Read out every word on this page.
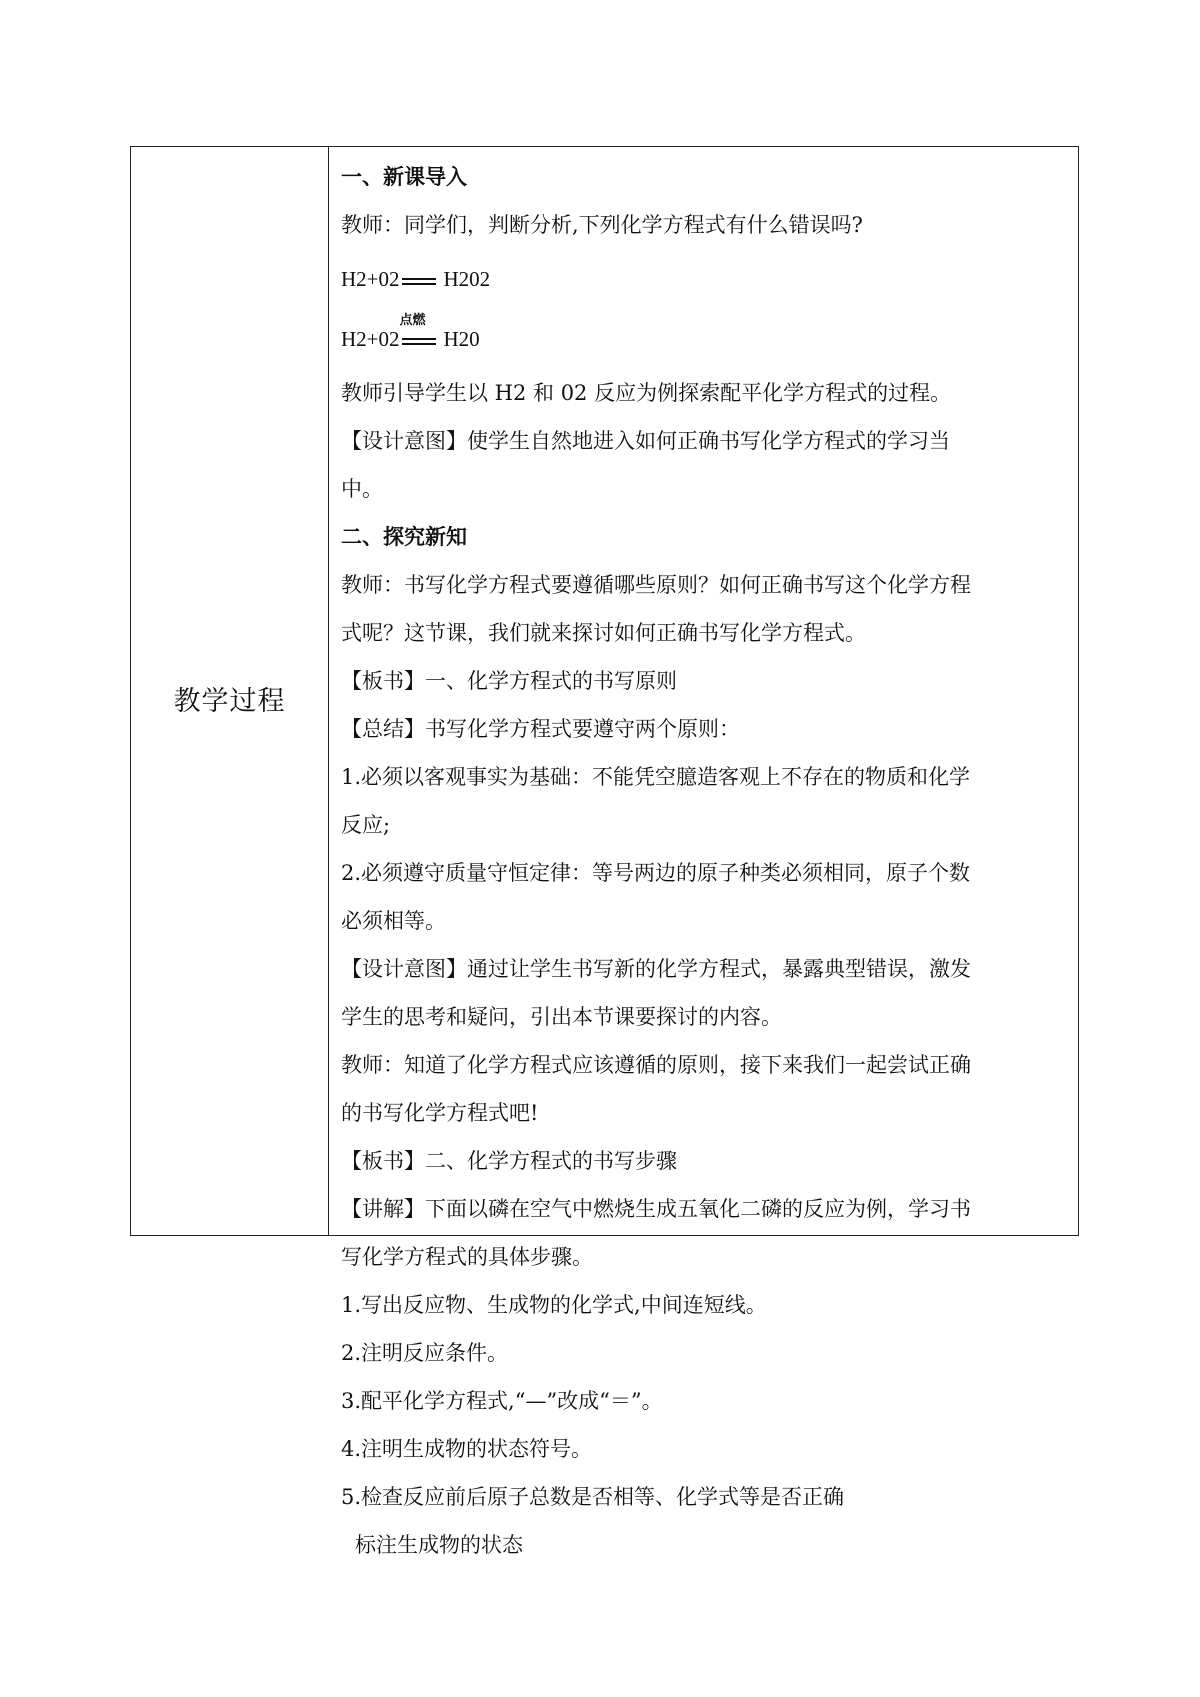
教学过程
一、新课导入
教师：同学们，判断分析,下列化学方程式有什么错误吗?
H2+02 H202
H2+02
点燃
H20
教师引导学生以 H2 和 02 反应为例探索配平化学方程式的过程。
【设计意图】使学生自然地进入如何正确书写化学方程式的学习当
中。
二、探究新知
教师：书写化学方程式要遵循哪些原则？如何正确书写这个化学方程
式呢？这节课，我们就来探讨如何正确书写化学方程式。
【板书】一、化学方程式的书写原则
【总结】书写化学方程式要遵守两个原则：
1.必须以客观事实为基础：不能凭空臆造客观上不存在的物质和化学
反应;
2.必须遵守质量守恒定律：等号两边的原子种类必须相同，原子个数
必须相等。
【设计意图】通过让学生书写新的化学方程式，暴露典型错误，激发
学生的思考和疑问，引出本节课要探讨的内容。
教师：知道了化学方程式应该遵循的原则，接下来我们一起尝试正确
的书写化学方程式吧!
【板书】二、化学方程式的书写步骤
【讲解】下面以磷在空气中燃烧生成五氧化二磷的反应为例，学习书
写化学方程式的具体步骤。
1.写出反应物、生成物的化学式,中间连短线。
2.注明反应条件。
3.配平化学方程式,“—”改成“＝”。
4.注明生成物的状态符号。
5.检查反应前后原子总数是否相等、化学式等是否正确
标注生成物的状态
